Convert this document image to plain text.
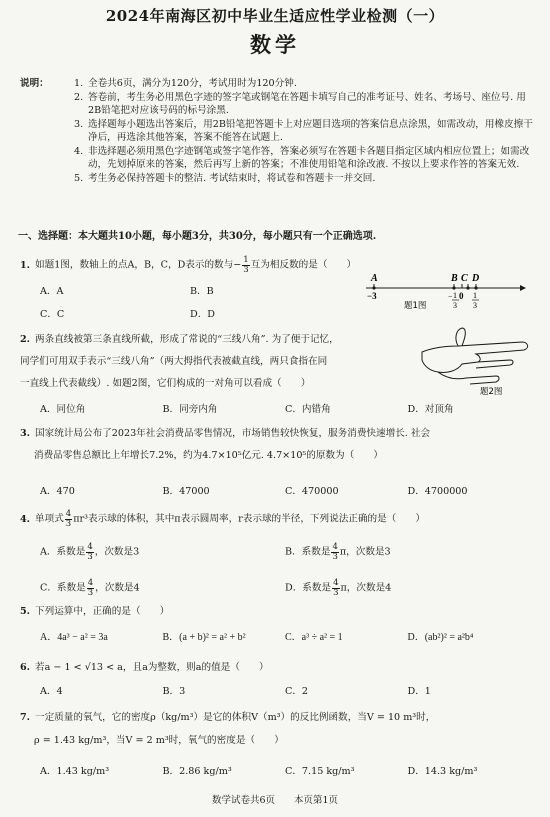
2024年南海区初中毕业生适应性学业检测（一）
数学
说明：	1. 全卷共6页，满分为120分，考试用时为120分钟.
2. 答卷前，考生务必用黑色字迹的签字笔或钢笔在答题卡填写自己的准考证号、姓名、考场号、座位号. 用2B铅笔把对应该号码的标号涂黑.
3. 选择题每小题选出答案后，用2B铅笔把答题卡上对应题目选项的答案信息点涂黑，如需改动，用橡皮擦干净后，再选涂其他答案，答案不能答在试题上.
4. 非选择题必须用黑色字迹钢笔或签字笔作答，答案必须写在答题卡各题目指定区域内相应位置上；如需改动，先划掉原来的答案，然后再写上新的答案；不准使用铅笔和涂改液. 不按以上要求作答的答案无效.
5. 考生务必保持答题卡的整洁. 考试结束时，将试卷和答题卡一并交回.
一、选择题：本大题共10小题，每小题3分，共30分，每小题只有一个正确选项.
1. 如题1图，数轴上的点A，B，C，D表示的数与− $\frac{1}{3}$ 互为相反数的是（　　）
A．A	B．B
C．C	D．D
A	B C D
−3	− 1
3
0 1
3
题1图
2. 两条直线被第三条直线所截，形成了常说的“三线八角”. 为了便于记忆，
同学们可用双手表示“三线八角”（两大拇指代表被截直线，两只食指在同
一直线上代表截线）. 如题2图，它们构成的一对角可以看成（　　）
题2图
A．同位角	B．同旁内角	C．内错角	D．对顶角
3. 国家统计局公布了2023年社会消费品零售情况，市场销售较快恢复，服务消费快速增长. 社会
消费品零售总额比上年增长7.2%，约为4.7×10⁵亿元. 4.7×10⁵的原数为（　　）
A．470	B．47000	C．470000	D．4700000
4. 单项式 $\frac{4}{3} \pi r^3$表示球的体积，其中π表示圆周率，r表示球的半径，下列说法正确的是（　　）
A．系数是 $\frac{4}{3}$ ，次数是3	B．系数是 $\frac{4}{3}$ π，次数是3
C．系数是 $\frac{4}{3}$ ，次数是4	D．系数是 $\frac{4}{3}$ π，次数是4
5. 下列运算中，正确的是（　　）
A．4a³ − a² = 3a	B．(a + b)² = a² + b²	C．a³ ÷ a² = 1	D．(ab²)² = a²b⁴
6. 若a − 1 < √13 < a，且a为整数，则a的值是（　　）
A．4	B．3	C．2	D．1
7. 一定质量的氧气，它的密度ρ（kg/m³）是它的体积V（m³）的反比例函数，当V = 10 m³时，
ρ = 1.43 kg/m³，当V = 2 m³时，氧气的密度是（　　）
A．1.43 kg/m³	B．2.86 kg/m³	C．7.15 kg/m³	D．14.3 kg/m³
数学试卷共6页　　本页第1页
